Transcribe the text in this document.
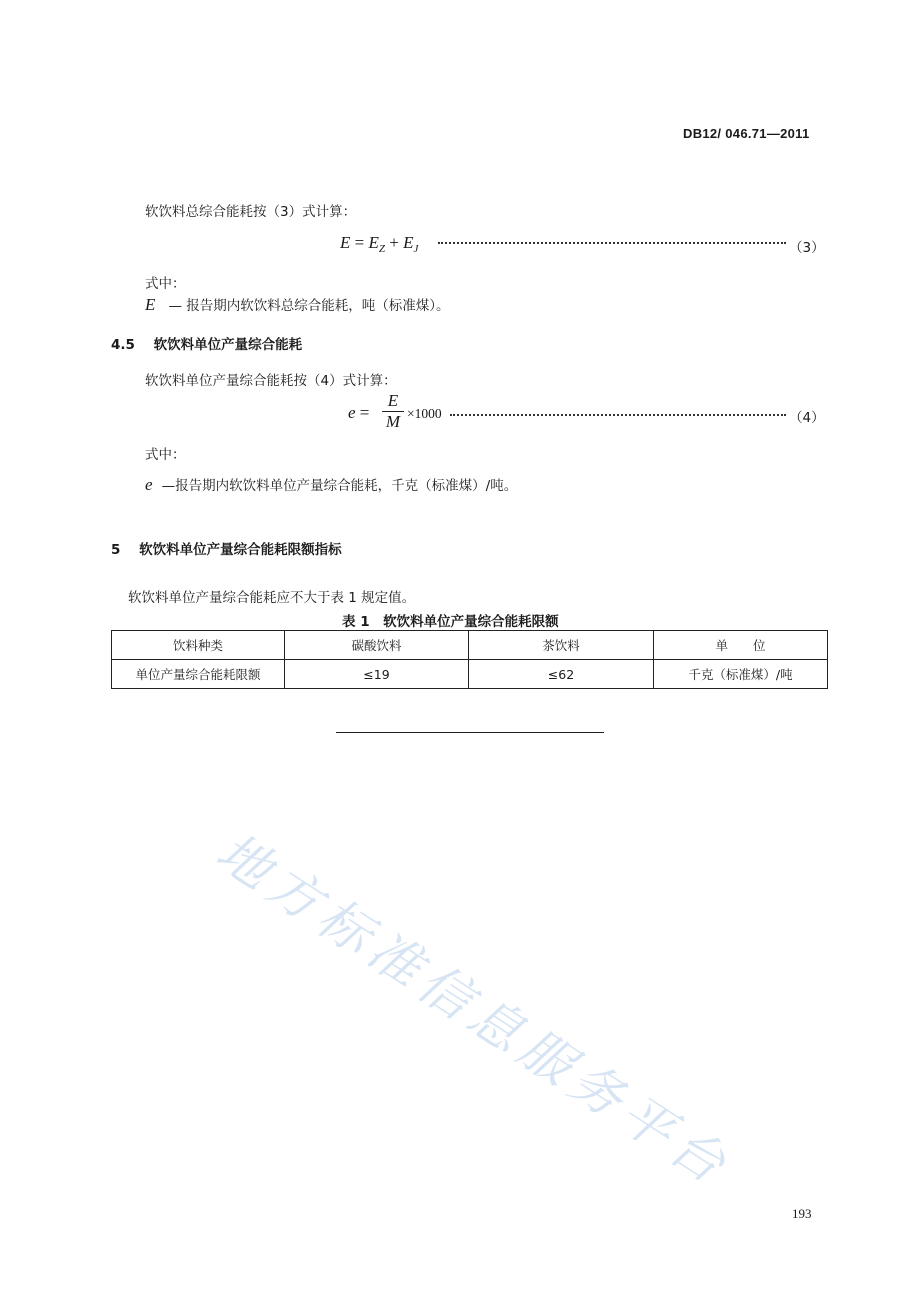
DB12/ 046.71—2011
软饮料总综合能耗按（3）式计算：
$E = E_Z + E_J$	（3）
式中：
E — 报告期内软饮料总综合能耗，吨（标准煤）。
4.5 软饮料单位产量综合能耗
软饮料单位产量综合能耗按（4）式计算：
e =
E
M ×1000	（4）
式中：
e —报告期内软饮料单位产量综合能耗，千克（标准煤）/吨。
5 软饮料单位产量综合能耗限额指标
软饮料单位产量综合能耗应不大于表 1 规定值。
表 1　软饮料单位产量综合能耗限额
饮料种类	碳酸饮料	茶饮料	单　　位
单位产量综合能耗限额	≤19	≤62	千克（标准煤）/吨
地方标准信息服务平台
193
